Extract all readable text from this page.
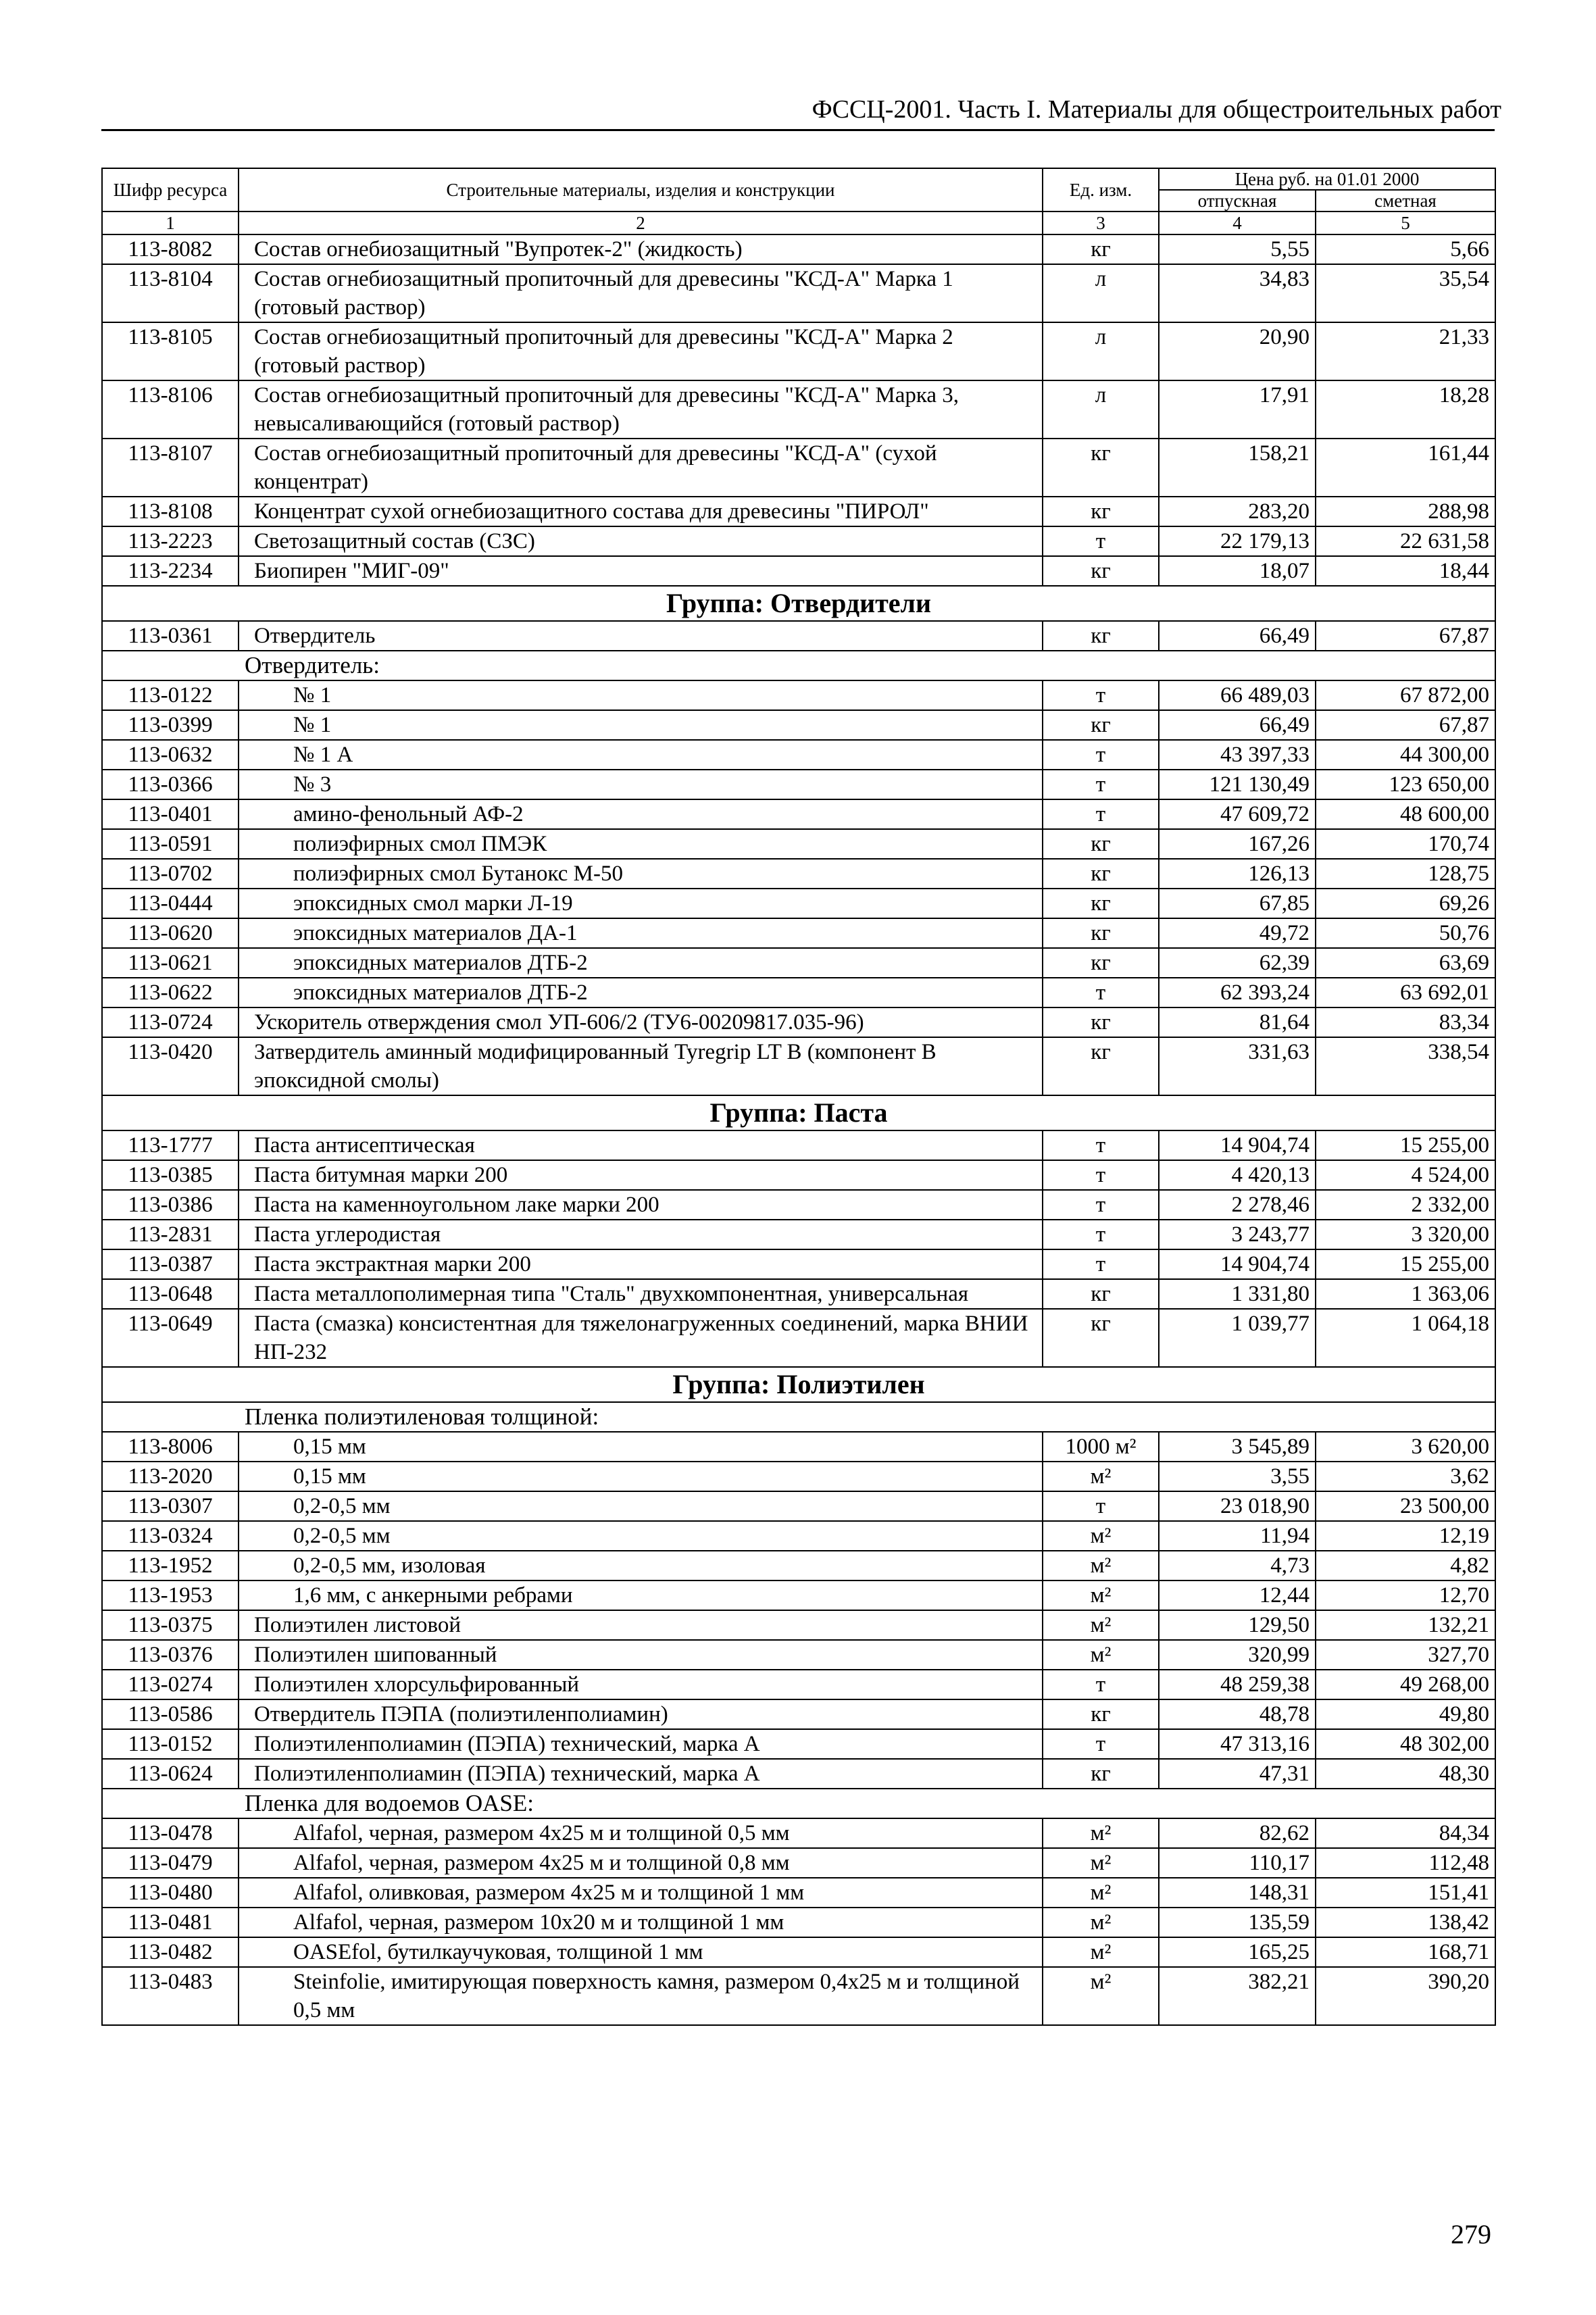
ФССЦ-2001. Часть I. Материалы для общестроительных работ
Шифр ресурса	Строительные материалы, изделия и конструкции	Ед. изм.	Цена руб. на 01.01 2000	
			отпускная	сметная
1	2	3	4	5
113-8082	Состав огнебиозащитный "Вупротек-2" (жидкость)	кг	5,55	5,66
113-8104	Состав огнебиозащитный пропиточный для древесины "КСД-А" Марка 1 (готовый раствор)	л	34,83	35,54
113-8105	Состав огнебиозащитный пропиточный для древесины "КСД-А" Марка 2 (готовый раствор)	л	20,90	21,33
113-8106	Состав огнебиозащитный пропиточный для древесины "КСД-А" Марка 3, невысаливающийся (готовый раствор)	л	17,91	18,28
113-8107	Состав огнебиозащитный пропиточный для древесины "КСД-А" (сухой концентрат)	кг	158,21	161,44
113-8108	Концентрат сухой огнебиозащитного состава для древесины "ПИРОЛ"	кг	283,20	288,98
113-2223	Светозащитный состав (СЗС)	т	22 179,13	22 631,58
113-2234	Биопирен "МИГ-09"	кг	18,07	18,44
Группа: Отвердители				
113-0361	Отвердитель	кг	66,49	67,87
Отвердитель:				
113-0122	№ 1	т	66 489,03	67 872,00
113-0399	№ 1	кг	66,49	67,87
113-0632	№ 1 А	т	43 397,33	44 300,00
113-0366	№ 3	т	121 130,49	123 650,00
113-0401	амино-фенольный АФ-2	т	47 609,72	48 600,00
113-0591	полиэфирных смол ПМЭК	кг	167,26	170,74
113-0702	полиэфирных смол Бутанокс М-50	кг	126,13	128,75
113-0444	эпоксидных смол марки Л-19	кг	67,85	69,26
113-0620	эпоксидных материалов ДА-1	кг	49,72	50,76
113-0621	эпоксидных материалов ДТБ-2	кг	62,39	63,69
113-0622	эпоксидных материалов ДТБ-2	т	62 393,24	63 692,01
113-0724	Ускоритель отверждения смол УП-606/2 (ТУ6-00209817.035-96)	кг	81,64	83,34
113-0420	Затвердитель аминный модифицированный Tyregrip LT В (компонент В эпоксидной смолы)	кг	331,63	338,54
Группа: Паста				
113-1777	Паста антисептическая	т	14 904,74	15 255,00
113-0385	Паста битумная марки 200	т	4 420,13	4 524,00
113-0386	Паста на каменноугольном лаке марки 200	т	2 278,46	2 332,00
113-2831	Паста углеродистая	т	3 243,77	3 320,00
113-0387	Паста экстрактная марки 200	т	14 904,74	15 255,00
113-0648	Паста металлополимерная типа "Сталь" двухкомпонентная, универсальная	кг	1 331,80	1 363,06
113-0649	Паста (смазка) консистентная для тяжелонагруженных соединений, марка ВНИИ НП-232	кг	1 039,77	1 064,18
Группа: Полиэтилен				
Пленка полиэтиленовая толщиной:				
113-8006	0,15 мм	1000 м²	3 545,89	3 620,00
113-2020	0,15 мм	м²	3,55	3,62
113-0307	0,2-0,5 мм	т	23 018,90	23 500,00
113-0324	0,2-0,5 мм	м²	11,94	12,19
113-1952	0,2-0,5 мм, изоловая	м²	4,73	4,82
113-1953	1,6 мм, с анкерными ребрами	м²	12,44	12,70
113-0375	Полиэтилен листовой	м²	129,50	132,21
113-0376	Полиэтилен шипованный	м²	320,99	327,70
113-0274	Полиэтилен хлорсульфированный	т	48 259,38	49 268,00
113-0586	Отвердитель ПЭПА (полиэтиленполиамин)	кг	48,78	49,80
113-0152	Полиэтиленполиамин (ПЭПА) технический, марка А	т	47 313,16	48 302,00
113-0624	Полиэтиленполиамин (ПЭПА) технический, марка А	кг	47,31	48,30
Пленка для водоемов OASE:				
113-0478	Alfafol, черная, размером 4x25 м и толщиной 0,5 мм	м²	82,62	84,34
113-0479	Alfafol, черная, размером 4x25 м и толщиной 0,8 мм	м²	110,17	112,48
113-0480	Alfafol, оливковая, размером 4x25 м и толщиной 1 мм	м²	148,31	151,41
113-0481	Alfafol, черная, размером 10x20 м и толщиной 1 мм	м²	135,59	138,42
113-0482	OASEfol, бутилкаучуковая, толщиной 1 мм	м²	165,25	168,71
113-0483	Steinfolie, имитирующая поверхность камня, размером 0,4x25 м и толщиной 0,5 мм	м²	382,21	390,20
279
